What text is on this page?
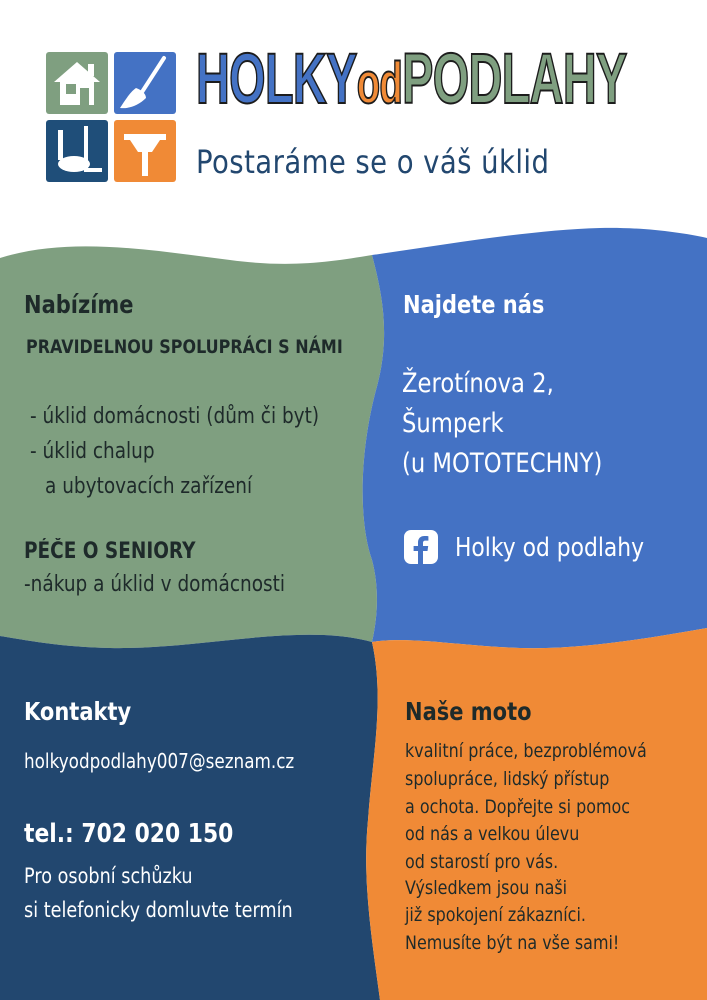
HOLKYodPODLAHY
Postaráme se o váš úklid
Nabízíme
PRAVIDELNOU SPOLUPRÁCI S NÁMI
- úklid domácnosti (dům či byt)
- úklid chalup
a ubytovacích zařízení
PÉČE O SENIORY
-nákup a úklid v domácnosti
Najdete nás
Žerotínova 2,
Šumperk
(u MOTOTECHNY)
Holky od podlahy
Kontakty
holkyodpodlahy007@seznam.cz
tel.: 702 020 150
Pro osobní schůzku
si telefonicky domluvte termín
Naše moto
kvalitní práce, bezproblémová
spolupráce, lidský přístup
a ochota. Dopřejte si pomoc
od nás a velkou úlevu
od starostí pro vás.
Výsledkem jsou naši
již spokojení zákazníci.
Nemusíte být na vše sami!
